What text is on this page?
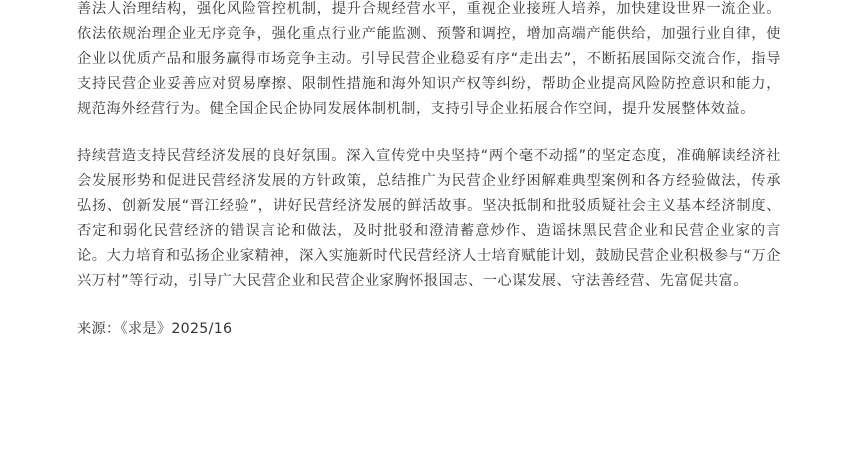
善法人治理结构，强化风险管控机制，提升合规经营水平，重视企业接班人培养，加快建设世界一流企业。依法依规治理企业无序竞争，强化重点行业产能监测、预警和调控，增加高端产能供给，加强行业自律，使企业以优质产品和服务赢得市场竞争主动。引导民营企业稳妥有序“走出去”，不断拓展国际交流合作，指导支持民营企业妥善应对贸易摩擦、限制性措施和海外知识产权等纠纷，帮助企业提高风险防控意识和能力，规范海外经营行为。健全国企民企协同发展体制机制，支持引导企业拓展合作空间，提升发展整体效益。

持续营造支持民营经济发展的良好氛围。深入宣传党中央坚持“两个毫不动摇”的坚定态度，准确解读经济社会发展形势和促进民营经济发展的方针政策，总结推广为民营企业纾困解难典型案例和各方经验做法，传承弘扬、创新发展“晋江经验”，讲好民营经济发展的鲜活故事。坚决抵制和批驳质疑社会主义基本经济制度、否定和弱化民营经济的错误言论和做法，及时批驳和澄清蓄意炒作、造谣抹黑民营企业和民营企业家的言论。大力培育和弘扬企业家精神，深入实施新时代民营经济人士培育赋能计划，鼓励民营企业积极参与“万企兴万村”等行动，引导广大民营企业和民营企业家胸怀报国志、一心谋发展、守法善经营、先富促共富。

来源：《求是》2025/16
